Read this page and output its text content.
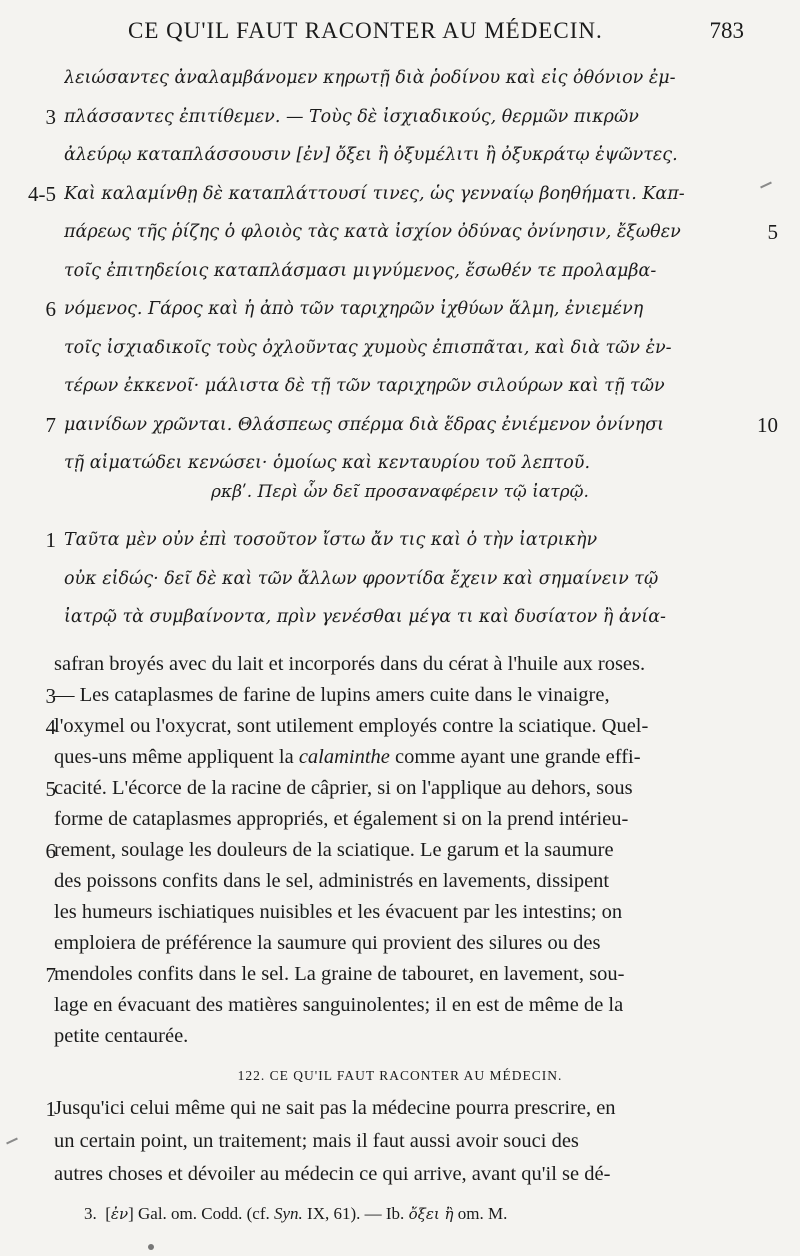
CE QU'IL FAUT RACONTER AU MÉDECIN.	783
λειώσαντες ἀναλαμβάνομεν κηρωτῇ διὰ ῥοδίνου καὶ εἰς ὀθόνιον ἐμ-
3 πλάσσαντες ἐπιτίθεμεν. — Τοὺς δὲ ἰσχιαδικούς, θερμῶν πικρῶν
ἀλεύρῳ καταπλάσσουσιν [ἐν] ὄξει ἢ ὀξυμέλιτι ἢ ὀξυκράτῳ ἑψῶντες.
4-5 Καὶ καλαμίνθῃ δὲ καταπλάττουσί τινες, ὡς γενναίῳ βοηθήματι. Καπ-
πάρεως τῆς ῥίζης ὁ φλοιὸς τὰς κατὰ ἰσχίον ὀδύνας ὀνίνησιν, ἔξωθεν	5
τοῖς ἐπιτηδείοις καταπλάσμασι μιγνύμενος, ἔσωθέν τε προλαμβα-
6 νόμενος. Γάρος καὶ ἡ ἀπὸ τῶν ταριχηρῶν ἰχθύων ἅλμη, ἐνιεμένη
τοῖς ἰσχιαδικοῖς τοὺς ὀχλοῦντας χυμοὺς ἐπισπᾶται, καὶ διὰ τῶν ἐν-
τέρων ἐκκενοῖ· μάλιστα δὲ τῇ τῶν ταριχηρῶν σιλούρων καὶ τῇ τῶν
7 μαινίδων χρῶνται. Θλάσπεως σπέρμα διὰ ἕδρας ἐνιέμενον ὀνίνησι	10
τῇ αἱματώδει κενώσει· ὁμοίως καὶ κενταυρίου τοῦ λεπτοῦ.
ρκβʹ. Περὶ ὧν δεῖ προσαναφέρειν τῷ ἰατρῷ.
1 Ταῦτα μὲν οὖν ἐπὶ τοσοῦτον ἴστω ἄν τις καὶ ὁ τὴν ἰατρικὴν
οὐκ εἰδώς· δεῖ δὲ καὶ τῶν ἄλλων φροντίδα ἔχειν καὶ σημαίνειν τῷ
ἰατρῷ τὰ συμβαίνοντα, πρὶν γενέσθαι μέγα τι καὶ δυσίατον ἢ ἀνία-
safran broyés avec du lait et incorporés dans du cérat à l'huile aux roses.
3
— Les cataplasmes de farine de lupins amers cuite dans le vinaigre,
4
l'oxymel ou l'oxycrat, sont utilement employés contre la sciatique. Quel-
ques-uns même appliquent la calaminthe comme ayant une grande effi-
5
cacité. L'écorce de la racine de câprier, si on l'applique au dehors, sous
forme de cataplasmes appropriés, et également si on la prend intérieu-
6
rement, soulage les douleurs de la sciatique. Le garum et la saumure
des poissons confits dans le sel, administrés en lavements, dissipent
les humeurs ischiatiques nuisibles et les évacuent par les intestins; on
emploiera de préférence la saumure qui provient des silures ou des
7
mendoles confits dans le sel. La graine de tabouret, en lavement, sou-
lage en évacuant des matières sanguinolentes; il en est de même de la
petite centaurée.
122. CE QU'IL FAUT RACONTER AU MÉDECIN.
1
Jusqu'ici celui même qui ne sait pas la médecine pourra prescrire, en
un certain point, un traitement; mais il faut aussi avoir souci des
autres choses et dévoiler au médecin ce qui arrive, avant qu'il se dé-
3. [ἐν] Gal. om. Codd. (cf. Syn. IX, 61). — Ib. ὄξει ἢ om. M.
